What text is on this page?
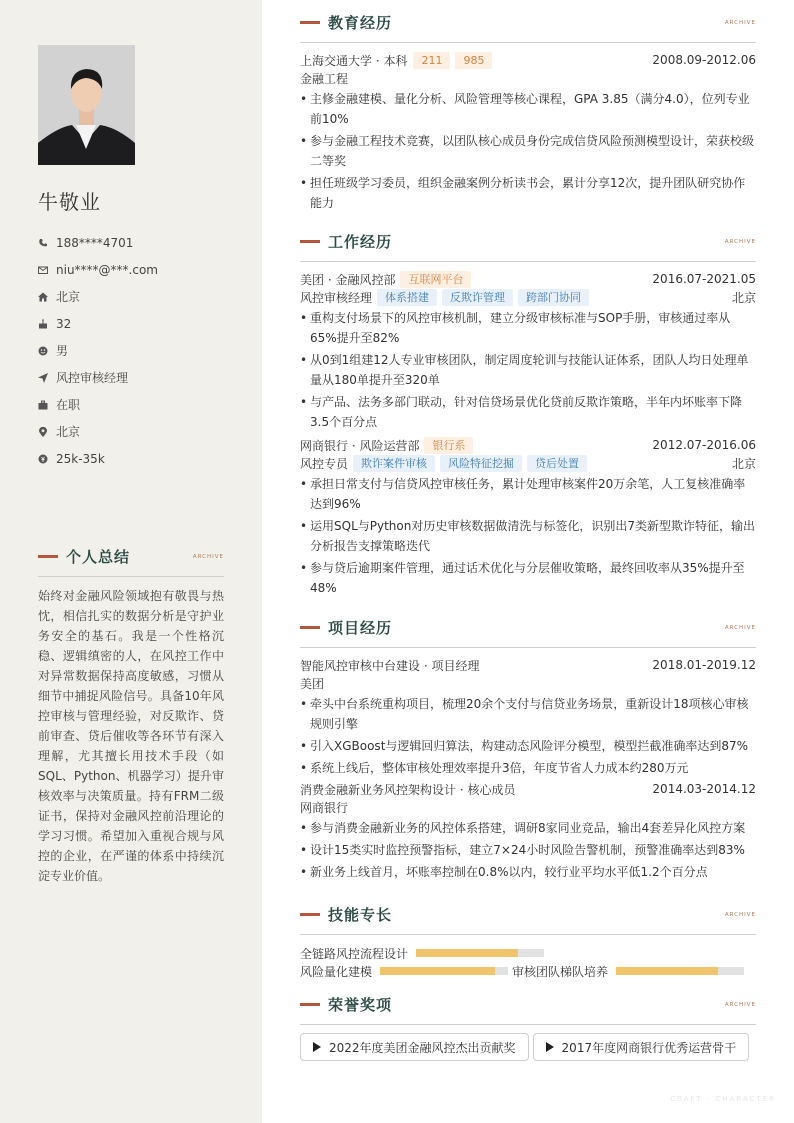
牛敬业
188****4701
niu****@***.com
北京
32
男
风控审核经理
在职
北京
25k-35k
个人总结	ARCHIVE
始终对金融风险领域抱有敬畏与热忱，相信扎实的数据分析是守护业务安全的基石。我是一个性格沉稳、逻辑缜密的人，在风控工作中对异常数据保持高度敏感，习惯从细节中捕捉风险信号。具备10年风控审核与管理经验，对反欺诈、贷前审查、贷后催收等各环节有深入理解，尤其擅长用技术手段（如SQL、Python、机器学习）提升审核效率与决策质量。持有FRM二级证书，保持对金融风控前沿理论的学习习惯。希望加入重视合规与风控的企业，在严谨的体系中持续沉淀专业价值。
教育经历	ARCHIVE
上海交通大学 · 本科	211	985	2008.09-2012.06
金融工程
• 主修金融建模、量化分析、风险管理等核心课程，GPA 3.85（满分4.0），位列专业前10%
• 参与金融工程技术竞赛，以团队核心成员身份完成信贷风险预测模型设计，荣获校级二等奖
• 担任班级学习委员，组织金融案例分析读书会，累计分享12次，提升团队研究协作能力
工作经历	ARCHIVE
美团 · 金融风控部	互联网平台	2016.07-2021.05
风控审核经理	体系搭建	反欺诈管理	跨部门协同	北京
• 重构支付场景下的风控审核机制，建立分级审核标准与SOP手册，审核通过率从65%提升至82%
• 从0到1组建12人专业审核团队，制定周度轮训与技能认证体系，团队人均日处理单量从180单提升至320单
• 与产品、法务多部门联动，针对信贷场景优化贷前反欺诈策略，半年内坏账率下降3.5个百分点
网商银行 · 风险运营部	银行系	2012.07-2016.06
风控专员	欺诈案件审核	风险特征挖掘	贷后处置	北京
• 承担日常支付与信贷风控审核任务，累计处理审核案件20万余笔，人工复核准确率达到96%
• 运用SQL与Python对历史审核数据做清洗与标签化，识别出7类新型欺诈特征，输出分析报告支撑策略迭代
• 参与贷后逾期案件管理，通过话术优化与分层催收策略，最终回收率从35%提升至48%
项目经历	ARCHIVE
智能风控审核中台建设 · 项目经理	2018.01-2019.12
美团
• 牵头中台系统重构项目，梳理20余个支付与信贷业务场景，重新设计18项核心审核规则引擎
• 引入XGBoost与逻辑回归算法，构建动态风险评分模型，模型拦截准确率达到87%
• 系统上线后，整体审核处理效率提升3倍，年度节省人力成本约280万元
消费金融新业务风控架构设计 · 核心成员	2014.03-2014.12
网商银行
• 参与消费金融新业务的风控体系搭建，调研8家同业竞品，输出4套差异化风控方案
• 设计15类实时监控预警指标，建立7×24小时风险告警机制，预警准确率达到83%
• 新业务上线首月，坏账率控制在0.8%以内，较行业平均水平低1.2个百分点
技能专长	ARCHIVE
全链路风控流程设计
风险量化建模	审核团队梯队培养
荣誉奖项	ARCHIVE
2022年度美团金融风控杰出贡献奖	2017年度网商银行优秀运营骨干
CRAFT · CHARACTER
